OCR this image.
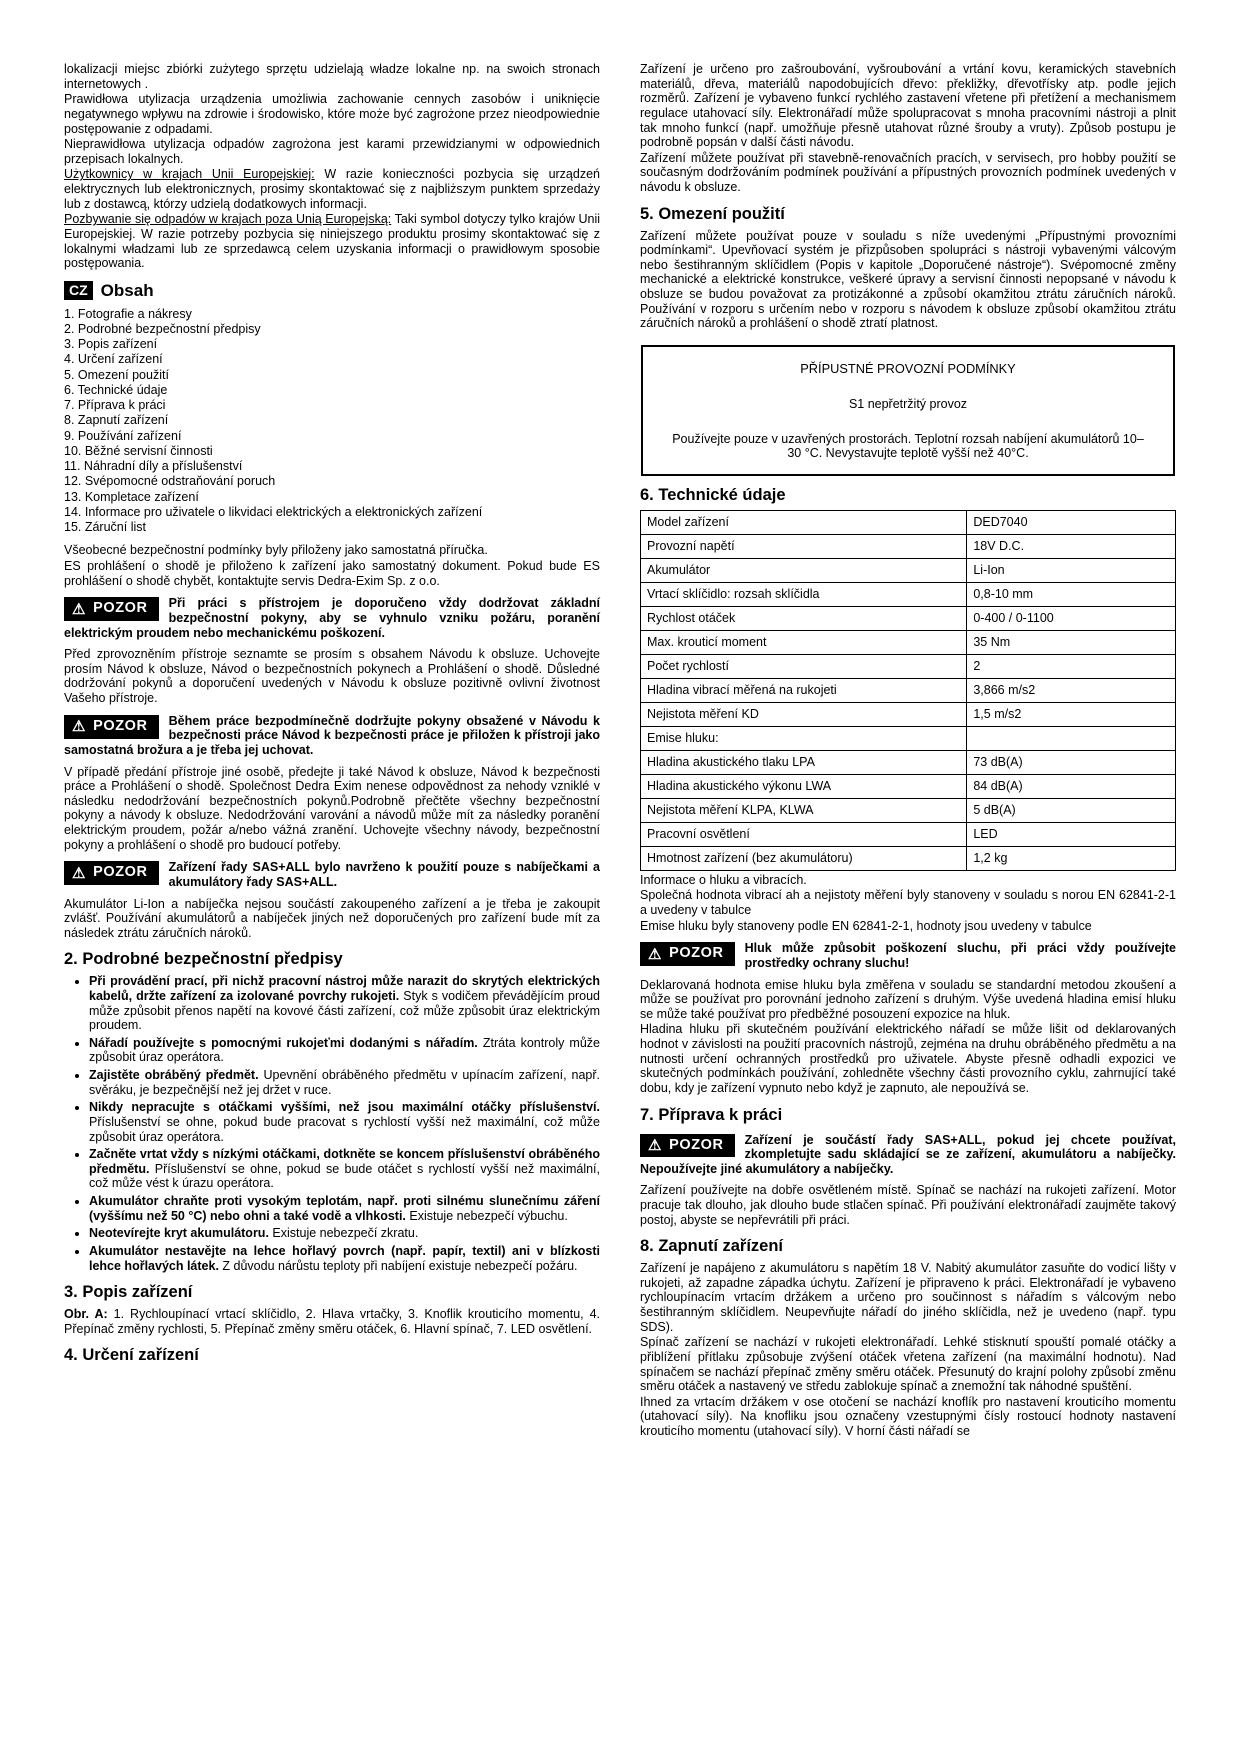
lokalizacji miejsc zbiórki zużytego sprzętu udzielają władze lokalne np. na swoich stronach internetowych .

Prawidłowa utylizacja urządzenia umożliwia zachowanie cennych zasobów i uniknięcie negatywnego wpływu na zdrowie i środowisko, które może być zagrożone przez nieodpowiednie postępowanie z odpadami.

Nieprawidłowa utylizacja odpadów zagrożona jest karami przewidzianymi w odpowiednich przepisach lokalnych.

Użytkownicy w krajach Unii Europejskiej: W razie konieczności pozbycia się urządzeń elektrycznych lub elektronicznych, prosimy skontaktować się z najbliższym punktem sprzedaży lub z dostawcą, którzy udzielą dodatkowych informacji.

Pozbywanie się odpadów w krajach poza Unią Europejską: Taki symbol dotyczy tylko krajów Unii Europejskiej. W razie potrzeby pozbycia się niniejszego produktu prosimy skontaktować się z lokalnymi władzami lub ze sprzedawcą celem uzyskania informacji o prawidłowym sposobie postępowania.

CZ Obsah
1. Fotografie a nákresy
2. Podrobné bezpečnostní předpisy
3. Popis zařízení
4. Určení zařízení
5. Omezení použití
6. Technické údaje
7. Příprava k práci
8. Zapnutí zařízení
9. Používání zařízení
10. Běžné servisní činnosti
11. Náhradní díly a příslušenství
12. Svépomocné odstraňování poruch
13. Kompletace zařízení
14. Informace pro uživatele o likvidaci elektrických a elektronických zařízení
15. Záruční list

Všeobecné bezpečnostní podmínky byly přiloženy jako samostatná příručka.

ES prohlášení o shodě je přiloženo k zařízení jako samostatný dokument. Pokud bude ES prohlášení o shodě chybět, kontaktujte servis Dedra-Exim Sp. z o.o.

⚠ POZOR Při práci s přístrojem je doporučeno vždy dodržovat základní bezpečnostní pokyny, aby se vyhnulo vzniku požáru, poranění elektrickým proudem nebo mechanickému poškození.

Před zprovozněním přístroje seznamte se prosím s obsahem Návodu k obsluze. Uchovejte prosím Návod k obsluze, Návod o bezpečnostních pokynech a Prohlášení o shodě. Důsledné dodržování pokynů a doporučení uvedených v Návodu k obsluze pozitivně ovlivní životnost Vašeho přístroje.

⚠ POZOR Během práce bezpodmínečně dodržujte pokyny obsažené v Návodu k bezpečnosti práce Návod k bezpečnosti práce je přiložen k přístroji jako samostatná brožura a je třeba jej uchovat.

V případě předání přístroje jiné osobě, předejte ji také Návod k obsluze, Návod k bezpečnosti práce a Prohlášení o shodě. Společnost Dedra Exim nenese odpovědnost za nehody vzniklé v následku nedodržování bezpečnostních pokynů.Podrobně přečtěte všechny bezpečnostní pokyny a návody k obsluze. Nedodržování varování a návodů může mít za následky poranění elektrickým proudem, požár a/nebo vážná zranění. Uchovejte všechny návody, bezpečnostní pokyny a prohlášení o shodě pro budoucí potřeby.

⚠ POZOR Zařízení řady SAS+ALL bylo navrženo k použití pouze s nabíječkami a akumulátory řady SAS+ALL.

Akumulátor Li-Ion a nabíječka nejsou součástí zakoupeného zařízení a je třeba je zakoupit zvlášť. Používání akumulátorů a nabíječek jiných než doporučených pro zařízení bude mít za následek ztrátu záručních nároků.

2. Podrobné bezpečnostní předpisy
• Při provádění prací, při nichž pracovní nástroj může narazit do skrytých elektrických kabelů, držte zařízení za izolované povrchy rukojeti. Styk s vodičem převádějícím proud může způsobit přenos napětí na kovové části zařízení, což může způsobit úraz elektrickým proudem.
• Nářadí používejte s pomocnými rukojeťmi dodanými s nářadím. Ztráta kontroly může způsobit úraz operátora.
• Zajistěte obráběný předmět. Upevnění obráběného předmětu v upínacím zařízení, např. svěráku, je bezpečnější než jej držet v ruce.
• Nikdy nepracujte s otáčkami vyššími, než jsou maximální otáčky příslušenství. Příslušenství se ohne, pokud bude pracovat s rychlostí vyšší než maximální, což může způsobit úraz operátora.
• Začněte vrtat vždy s nízkými otáčkami, dotkněte se koncem příslušenství obráběného předmětu. Příslušenství se ohne, pokud se bude otáčet s rychlostí vyšší než maximální, což může vést k úrazu operátora.
• Akumulátor chraňte proti vysokým teplotám, např. proti silnému slunečnímu záření (vyššímu než 50 °C) nebo ohni a také vodě a vlhkosti. Existuje nebezpečí výbuchu.
• Neotevírejte kryt akumulátoru. Existuje nebezpečí zkratu.
• Akumulátor nestavějte na lehce hořlavý povrch (např. papír, textil) ani v blízkosti lehce hořlavých látek. Z důvodu nárůstu teploty při nabíjení existuje nebezpečí požáru.
3. Popis zařízení

Obr. A: 1. Rychloupínací vrtací sklíčidlo, 2. Hlava vrtačky, 3. Knoflik krouticího momentu, 4. Přepínač změny rychlosti, 5. Přepínač změny směru otáček, 6. Hlavní spínač, 7. LED osvětlení.

4. Určení zařízení

Zařízení je určeno pro zašroubování, vyšroubování a vrtání kovu, keramických stavebních materiálů, dřeva, materiálů napodobujících dřevo: překližky, dřevotřísky atp. podle jejich rozměrů. Zařízení je vybaveno funkcí rychlého zastavení vřetene při přetížení a mechanismem regulace utahovací síly. Elektronářadí může spolupracovat s mnoha pracovními nástroji a plnit tak mnoho funkcí (např. umožňuje přesně utahovat různé šrouby a vruty). Způsob postupu je podrobně popsán v další části návodu.

Zařízení můžete používat při stavebně-renovačních pracích, v servisech, pro hobby použití se současným dodržováním podmínek používání a přípustných provozních podmínek uvedených v návodu k obsluze.

5. Omezení použití

Zařízení můžete používat pouze v souladu s níže uvedenými „Přípustnými provozními podmínkami“. Upevňovací systém je přizpůsoben spolupráci s nástroji vybavenými válcovým nebo šestihranným sklíčidlem (Popis v kapitole „Doporučené nástroje“). Svépomocné změny mechanické a elektrické konstrukce, veškeré úpravy a servisní činnosti nepopsané v návodu k obsluze se budou považovat za protizákonné a způsobí okamžitou ztrátu záručních nároků. Používání v rozporu s určením nebo v rozporu s návodem k obsluze způsobí okamžitou ztrátu záručních nároků a prohlášení o shodě ztratí platnost.

PŘÍPUSTNÉ PROVOZNÍ PODMÍNKY

S1 nepřetržitý provoz

Používejte pouze v uzavřených prostorách. Teplotní rozsah nabíjení akumulátorů 10–30 °C. Nevystavujte teplotě vyšší než 40°C.

6. Technické údaje
Model zařízení	DED7040
Provozní napětí	18V D.C.
Akumulátor	Li-Ion
Vrtací sklíčidlo: rozsah sklíčidla	0,8-10 mm
Rychlost otáček	0-400 / 0-1100
Max. krouticí moment	35 Nm
Počet rychlostí	2
Hladina vibrací měřená na rukojeti	3,866 m/s2
Nejistota měření KD	1,5 m/s2
Emise hluku:	
Hladina akustického tlaku LPA	73 dB(A)
Hladina akustického výkonu LWA	84 dB(A)
Nejistota měření KLPA, KLWA	5 dB(A)
Pracovní osvětlení	LED
Hmotnost zařízení (bez akumulátoru)	1,2 kg

Informace o hluku a vibracích.

Společná hodnota vibrací ah a nejistoty měření byly stanoveny v souladu s norou EN 62841-2-1 a uvedeny v tabulce

Emise hluku byly stanoveny podle EN 62841-2-1, hodnoty jsou uvedeny v tabulce

⚠ POZOR Hluk může způsobit poškození sluchu, při práci vždy používejte prostředky ochrany sluchu!

Deklarovaná hodnota emise hluku byla změřena v souladu se standardní metodou zkoušení a může se používat pro porovnání jednoho zařízení s druhým. Výše uvedená hladina emisí hluku se může také používat pro předběžné posouzení expozice na hluk.

Hladina hluku při skutečném používání elektrického nářadí se může lišit od deklarovaných hodnot v závislosti na použití pracovních nástrojů, zejména na druhu obráběného předmětu a na nutnosti určení ochranných prostředků pro uživatele. Abyste přesně odhadli expozici ve skutečných podmínkách používání, zohledněte všechny části provozního cyklu, zahrnující také dobu, kdy je zařízení vypnuto nebo když je zapnuto, ale nepoužívá se.

7. Příprava k práci
⚠ POZOR Zařízení je součástí řady SAS+ALL, pokud jej chcete používat, zkompletujte sadu skládající se ze zařízení, akumulátoru a nabíječky. Nepoužívejte jiné akumulátory a nabíječky.

Zařízení používejte na dobře osvětleném místě. Spínač se nachází na rukojeti zařízení. Motor pracuje tak dlouho, jak dlouho bude stlačen spínač. Při používání elektronářadí zaujměte takový postoj, abyste se nepřevrátili při práci.

8. Zapnutí zařízení

Zařízení je napájeno z akumulátoru s napětím 18 V. Nabitý akumulátor zasuňte do vodicí lišty v rukojeti, až zapadne západka úchytu. Zařízení je připraveno k práci. Elektronářadí je vybaveno rychloupínacím vrtacím držákem a určeno pro součinnost s nářadím s válcovým nebo šestihranným sklíčidlem. Neupevňujte nářadí do jiného sklíčidla, než je uvedeno (např. typu SDS).

Spínač zařízení se nachází v rukojeti elektronářadí. Lehké stisknutí spouští pomalé otáčky a přiblížení přítlaku způsobuje zvýšení otáček vřetena zařízení (na maximální hodnotu). Nad spínačem se nachází přepínač změny směru otáček. Přesunutý do krajní polohy způsobí změnu směru otáček a nastavený ve středu zablokuje spínač a znemožní tak náhodné spuštění.

Ihned za vrtacím držákem v ose otočení se nachází knoflík pro nastavení krouticího momentu (utahovací síly). Na knofliku jsou označeny vzestupnými čísly rostoucí hodnoty nastavení krouticího momentu (utahovací síly). V horní části nářadí se
